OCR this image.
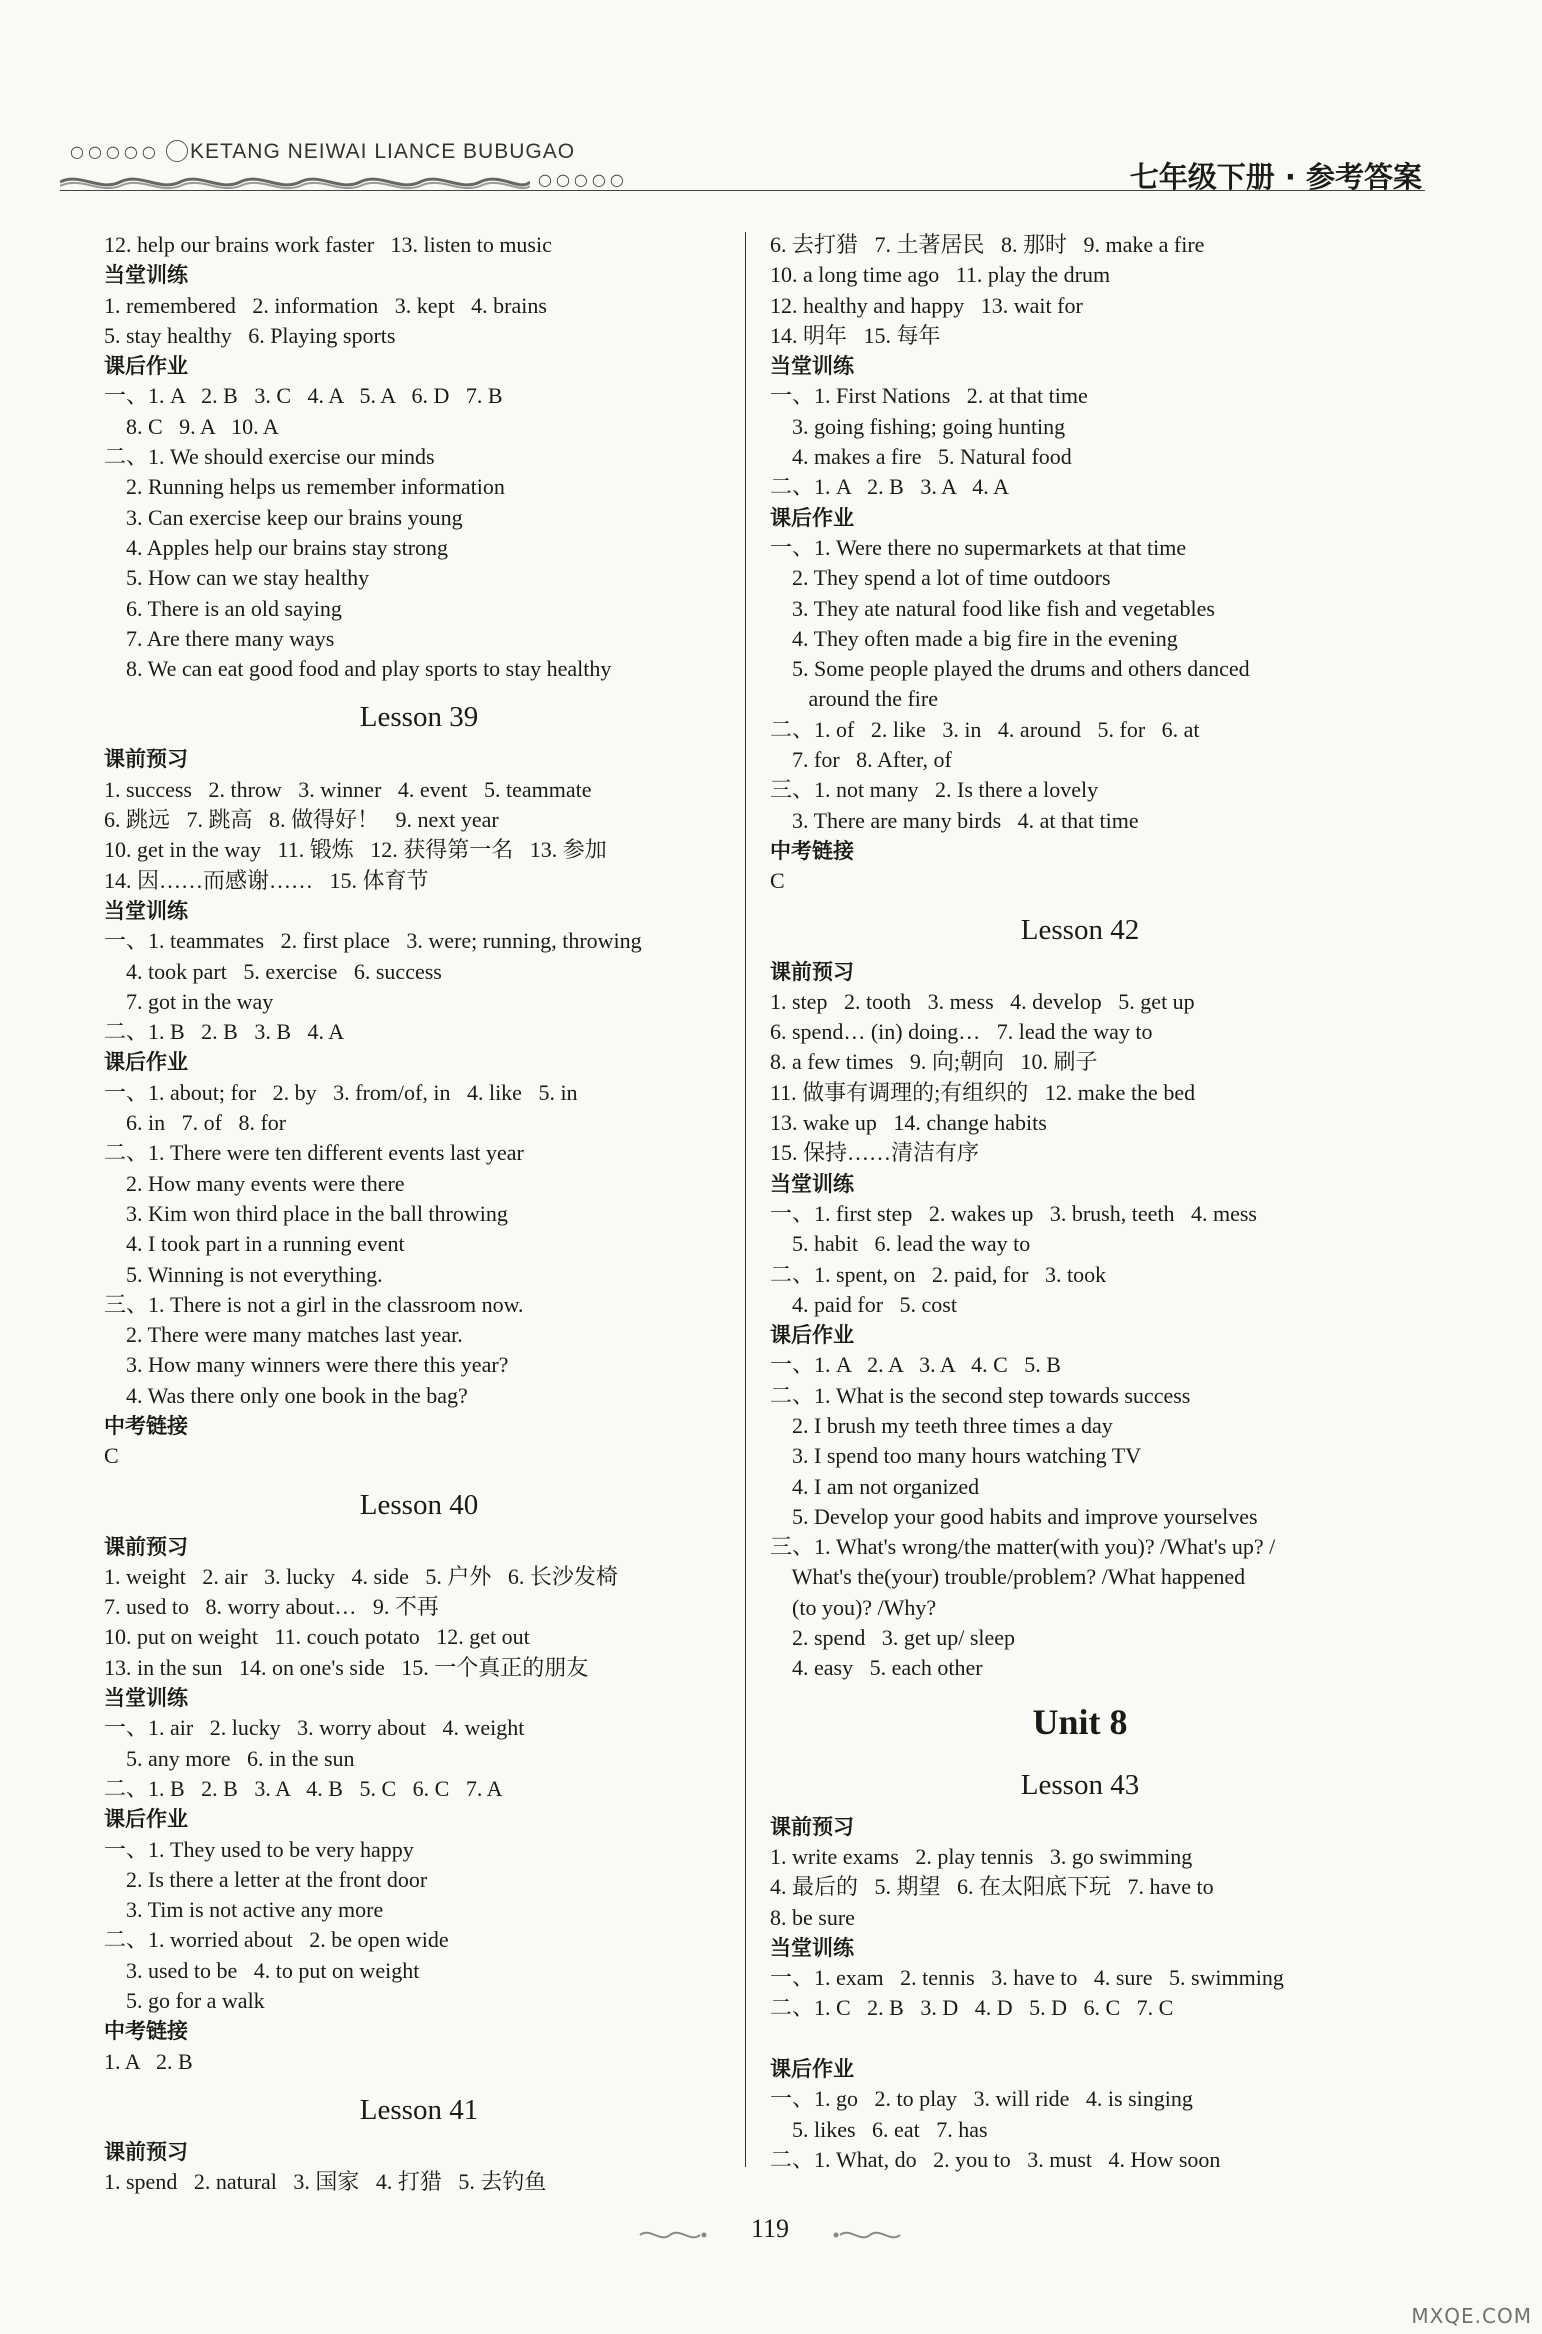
○○○○○ KETANG NEIWAI LIANCE BUBUGAO
○○○○○	七年级下册 · 参考答案
12. help our brains work faster   13. listen to music
当堂训练
1. remembered   2. information   3. kept   4. brains
5. stay healthy   6. Playing sports
课后作业
一、1. A   2. B   3. C   4. A   5. A   6. D   7. B
8. C   9. A   10. A
二、1. We should exercise our minds
2. Running helps us remember information
3. Can exercise keep our brains young
4. Apples help our brains stay strong
5. How can we stay healthy
6. There is an old saying
7. Are there many ways
8. We can eat good food and play sports to stay healthy
Lesson 39
课前预习
1. success   2. throw   3. winner   4. event   5. teammate
6. 跳远   7. 跳高   8. 做得好！   9. next year
10. get in the way   11. 锻炼   12. 获得第一名   13. 参加
14. 因……而感谢……   15. 体育节
当堂训练
一、1. teammates   2. first place   3. were; running, throwing
4. took part   5. exercise   6. success
7. got in the way
二、1. B   2. B   3. B   4. A
课后作业
一、1. about; for   2. by   3. from/of, in   4. like   5. in
6. in   7. of   8. for
二、1. There were ten different events last year
2. How many events were there
3. Kim won third place in the ball throwing
4. I took part in a running event
5. Winning is not everything.
三、1. There is not a girl in the classroom now.
2. There were many matches last year.
3. How many winners were there this year?
4. Was there only one book in the bag?
中考链接
C
Lesson 40
课前预习
1. weight   2. air   3. lucky   4. side   5. 户外   6. 长沙发椅
7. used to   8. worry about…   9. 不再
10. put on weight   11. couch potato   12. get out
13. in the sun   14. on one's side   15. 一个真正的朋友
当堂训练
一、1. air   2. lucky   3. worry about   4. weight
5. any more   6. in the sun
二、1. B   2. B   3. A   4. B   5. C   6. C   7. A
课后作业
一、1. They used to be very happy
2. Is there a letter at the front door
3. Tim is not active any more
二、1. worried about   2. be open wide
3. used to be   4. to put on weight
5. go for a walk
中考链接
1. A   2. B
Lesson 41
课前预习
1. spend   2. natural   3. 国家   4. 打猎   5. 去钓鱼
6. 去打猎   7. 土著居民   8. 那时   9. make a fire
10. a long time ago   11. play the drum
12. healthy and happy   13. wait for
14. 明年   15. 每年
当堂训练
一、1. First Nations   2. at that time
3. going fishing; going hunting
4. makes a fire   5. Natural food
二、1. A   2. B   3. A   4. A
课后作业
一、1. Were there no supermarkets at that time
2. They spend a lot of time outdoors
3. They ate natural food like fish and vegetables
4. They often made a big fire in the evening
5. Some people played the drums and others danced
around the fire
二、1. of   2. like   3. in   4. around   5. for   6. at
7. for   8. After, of
三、1. not many   2. Is there a lovely
3. There are many birds   4. at that time
中考链接
C
Lesson 42
课前预习
1. step   2. tooth   3. mess   4. develop   5. get up
6. spend… (in) doing…   7. lead the way to
8. a few times   9. 向;朝向   10. 刷子
11. 做事有调理的;有组织的   12. make the bed
13. wake up   14. change habits
15. 保持……清洁有序
当堂训练
一、1. first step   2. wakes up   3. brush, teeth   4. mess
5. habit   6. lead the way to
二、1. spent, on   2. paid, for   3. took
4. paid for   5. cost
课后作业
一、1. A   2. A   3. A   4. C   5. B
二、1. What is the second step towards success
2. I brush my teeth three times a day
3. I spend too many hours watching TV
4. I am not organized
5. Develop your good habits and improve yourselves
三、1. What's wrong/the matter(with you)? /What's up? /
What's the(your) trouble/problem? /What happened
(to you)? /Why?
2. spend   3. get up/ sleep
4. easy   5. each other
Unit 8
Lesson 43
课前预习
1. write exams   2. play tennis   3. go swimming
4. 最后的   5. 期望   6. 在太阳底下玩   7. have to
8. be sure
当堂训练
一、1. exam   2. tennis   3. have to   4. sure   5. swimming
二、1. C   2. B   3. D   4. D   5. D   6. C   7. C
课后作业
一、1. go   2. to play   3. will ride   4. is singing
5. likes   6. eat   7. has
二、1. What, do   2. you to   3. must   4. How soon
119
MXQE.COM
